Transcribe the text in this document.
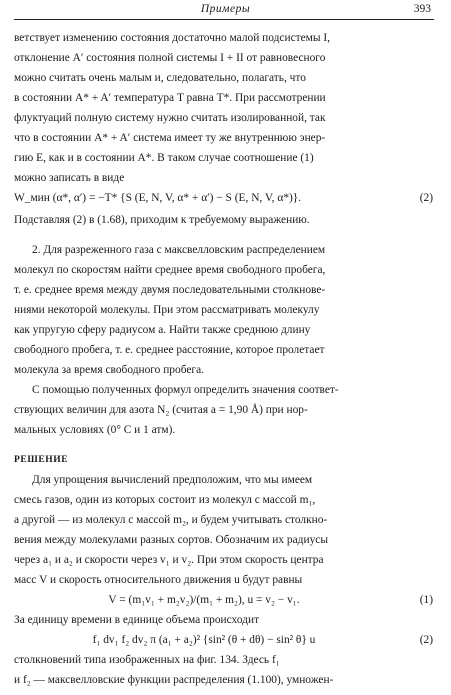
Примеры	393
ветствует изменению состояния достаточно малой подсистемы I,
отклонение A′ состояния полной системы I + II от равновесного
можно считать очень малым и, следовательно, полагать, что
в состоянии A* + A′ температура T равна T*. При рассмотрении
флуктуаций полную систему нужно считать изолированной, так
что в состоянии A* + A′ система имеет ту же внутреннюю энер-
гию E, как и в состоянии A*. В таком случае соотношение (1)
можно записать в виде
W_мин (α*, α′) = −T* {S (E, N, V, α* + α′) − S (E, N, V, α*)}.	(2)
Подставляя (2) в (1.68), приходим к требуемому выражению.
2. Для разреженного газа с максвелловским распределением
молекул по скоростям найти среднее время свободного пробега,
т. е. среднее время между двумя последовательными столкнове-
ниями некоторой молекулы. При этом рассматривать молекулу
как упругую сферу радиусом a. Найти также среднюю длину
свободного пробега, т. е. среднее расстояние, которое пролетает
молекула за время свободного пробега.
С помощью полученных формул определить значения соответ-
ствующих величин для азота N₂ (считая a = 1,90 Å) при нор-
мальных условиях (0° С и 1 атм).
РЕШЕНИЕ
Для упрощения вычислений предположим, что мы имеем
смесь газов, один из которых состоит из молекул с массой m₁,
а другой — из молекул с массой m₂, и будем учитывать столкно-
вения между молекулами разных сортов. Обозначим их радиусы
через a₁ и a₂ и скорости через v₁ и v₂. При этом скорость центра
масс V и скорость относительного движения u будут равны
V = (m₁v₁ + m₂v₂)/(m₁ + m₂), u = v₂ − v₁.	(1)
За единицу времени в единице объема происходит
f₁ dv₁ f₂ dv₂ π (a₁ + a₂)² {sin² (θ + dθ) − sin² θ} u	(2)
столкновений типа изображенных на фиг. 134. Здесь f₁
и f₂ — максвелловские функции распределения (1.100), умножен-
